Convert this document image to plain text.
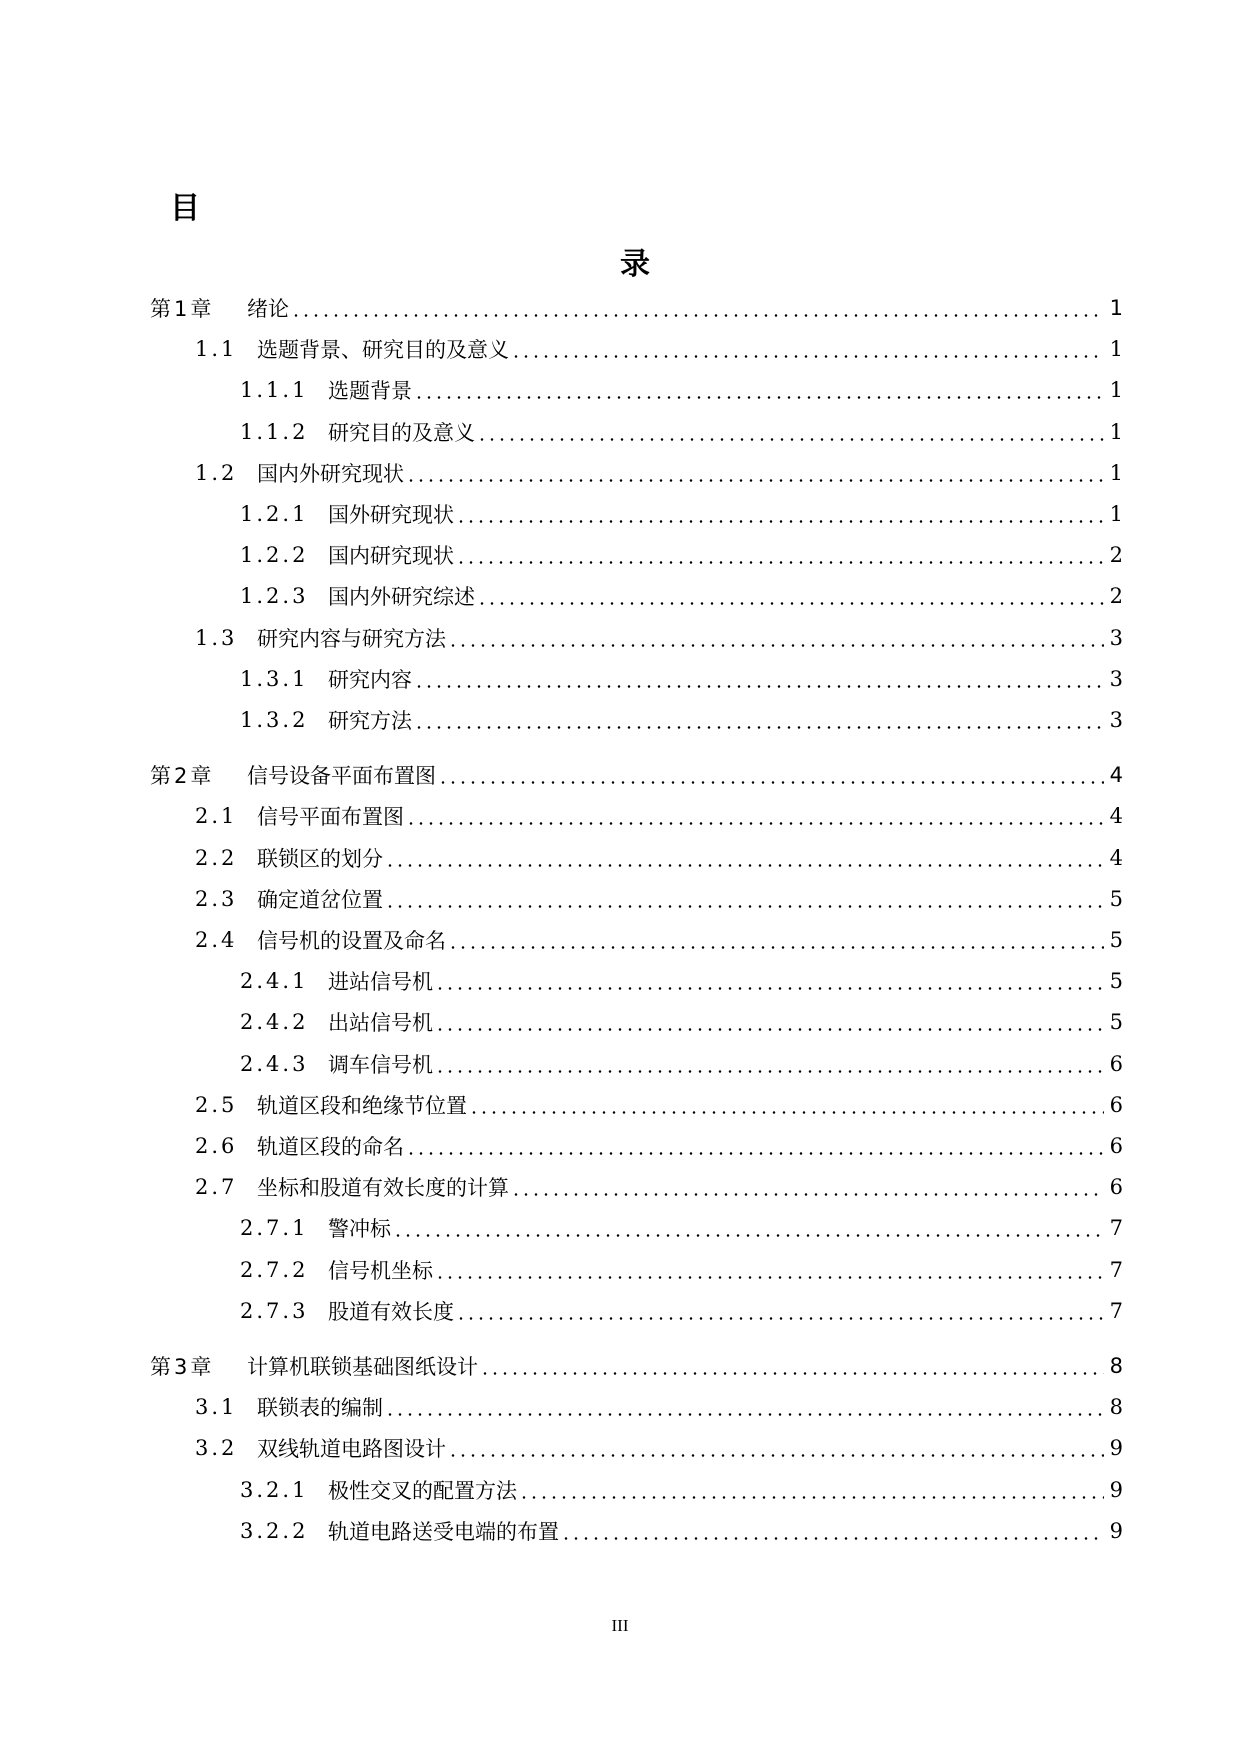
目
录
第1章	绪论	1
1.1 选题背景、研究目的及意义	1
1.1.1 选题背景	1
1.1.2 研究目的及意义	1
1.2 国内外研究现状	1
1.2.1 国外研究现状	1
1.2.2 国内研究现状	2
1.2.3 国内外研究综述	2
1.3 研究内容与研究方法	3
1.3.1 研究内容	3
1.3.2 研究方法	3
第2章	信号设备平面布置图	4
2.1 信号平面布置图	4
2.2 联锁区的划分	4
2.3 确定道岔位置	5
2.4 信号机的设置及命名	5
2.4.1 进站信号机	5
2.4.2 出站信号机	5
2.4.3 调车信号机	6
2.5 轨道区段和绝缘节位置	6
2.6 轨道区段的命名	6
2.7 坐标和股道有效长度的计算	6
2.7.1 警冲标	7
2.7.2 信号机坐标	7
2.7.3 股道有效长度	7
第3章	计算机联锁基础图纸设计	8
3.1 联锁表的编制	8
3.2 双线轨道电路图设计	9
3.2.1 极性交叉的配置方法	9
3.2.2 轨道电路送受电端的布置	9
III
